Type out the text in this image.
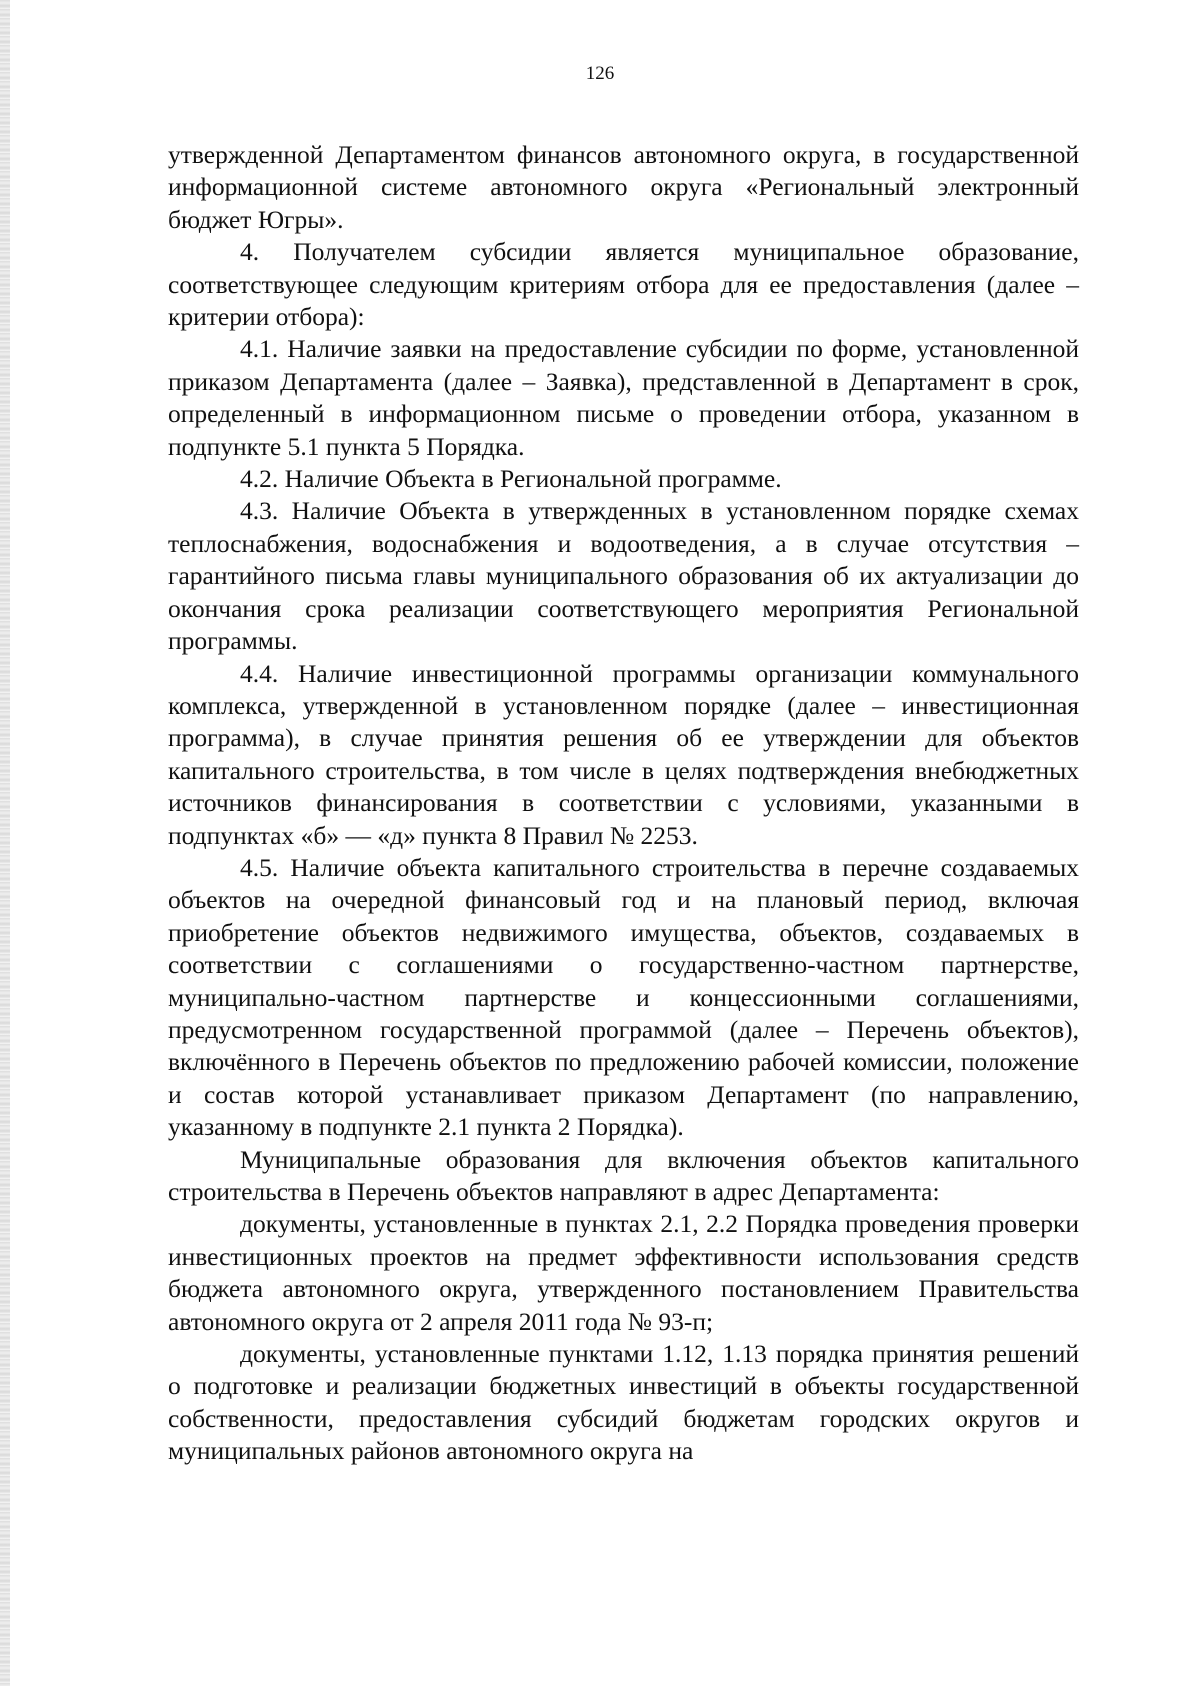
126

утвержденной Департаментом финансов автономного округа, в государственной информационной системе автономного округа «Региональный электронный бюджет Югры».

4. Получателем субсидии является муниципальное образование, соответствующее следующим критериям отбора для ее предоставления (далее – критерии отбора):

4.1. Наличие заявки на предоставление субсидии по форме, установленной приказом Департамента (далее – Заявка), представленной в Департамент в срок, определенный в информационном письме о проведении отбора, указанном в подпункте 5.1 пункта 5 Порядка.

4.2. Наличие Объекта в Региональной программе.

4.3. Наличие Объекта в утвержденных в установленном порядке схемах теплоснабжения, водоснабжения и водоотведения, а в случае отсутствия – гарантийного письма главы муниципального образования об их актуализации до окончания срока реализации соответствующего мероприятия Региональной программы.

4.4. Наличие инвестиционной программы организации коммунального комплекса, утвержденной в установленном порядке (далее – инвестиционная программа), в случае принятия решения об ее утверждении для объектов капитального строительства, в том числе в целях подтверждения внебюджетных источников финансирования в соответствии с условиями, указанными в подпунктах «б» — «д» пункта 8 Правил № 2253.

4.5. Наличие объекта капитального строительства в перечне создаваемых объектов на очередной финансовый год и на плановый период, включая приобретение объектов недвижимого имущества, объектов, создаваемых в соответствии с соглашениями о государственно-частном партнерстве, муниципально-частном партнерстве и концессионными соглашениями, предусмотренном государственной программой (далее – Перечень объектов), включённого в Перечень объектов по предложению рабочей комиссии, положение и состав которой устанавливает приказом Департамент (по направлению, указанному в подпункте 2.1 пункта 2 Порядка).

Муниципальные образования для включения объектов капитального строительства в Перечень объектов направляют в адрес Департамента:

документы, установленные в пунктах 2.1, 2.2 Порядка проведения проверки инвестиционных проектов на предмет эффективности использования средств бюджета автономного округа, утвержденного постановлением Правительства автономного округа от 2 апреля 2011 года № 93-п;

документы, установленные пунктами 1.12, 1.13 порядка принятия решений о подготовке и реализации бюджетных инвестиций в объекты государственной собственности, предоставления субсидий бюджетам городских округов и муниципальных районов автономного округа на
